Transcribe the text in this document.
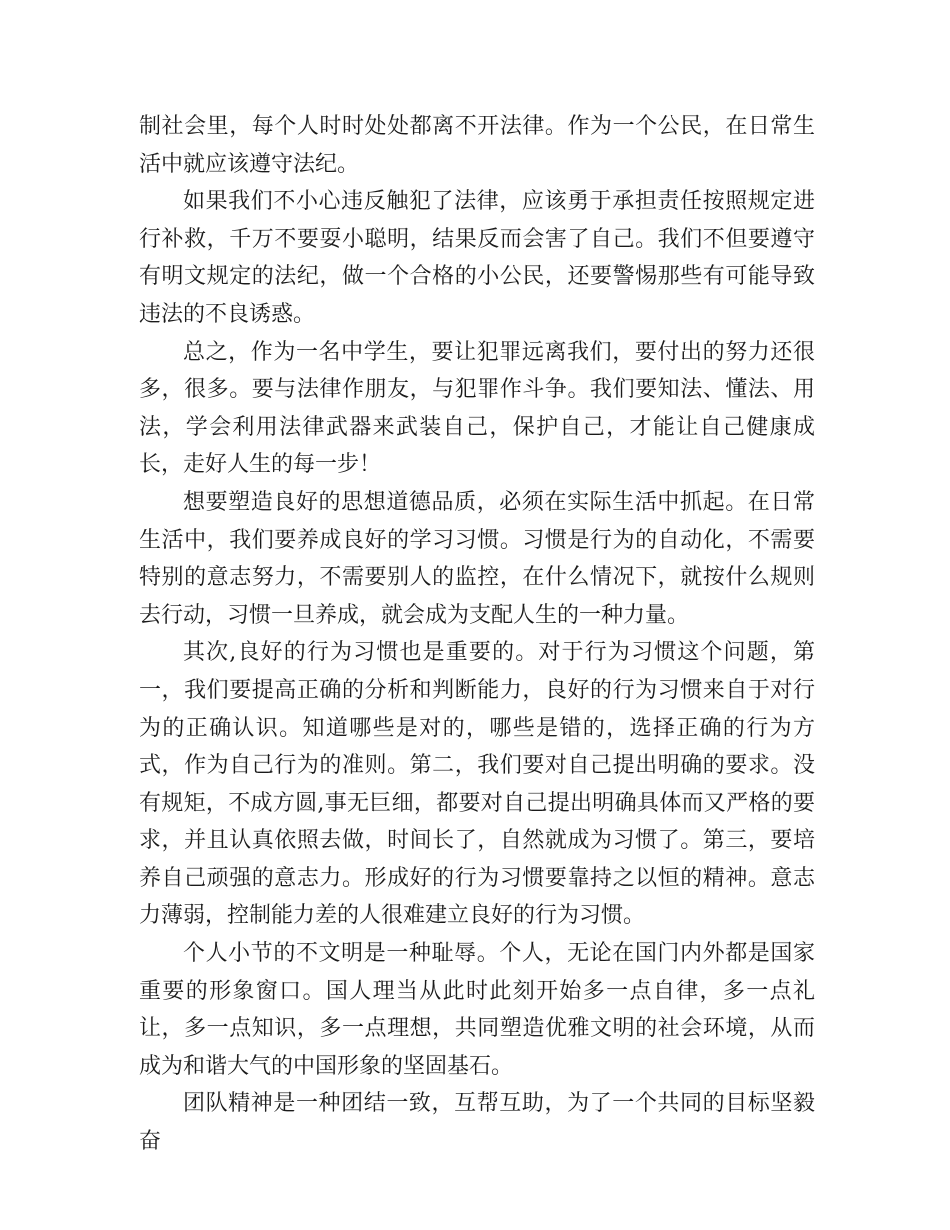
制社会里，每个人时时处处都离不开法律。作为一个公民，在日常生活中就应该遵守法纪。

如果我们不小心违反触犯了法律，应该勇于承担责任按照规定进行补救，千万不要耍小聪明，结果反而会害了自己。我们不但要遵守有明文规定的法纪，做一个合格的小公民，还要警惕那些有可能导致违法的不良诱惑。

总之，作为一名中学生，要让犯罪远离我们，要付出的努力还很多，很多。要与法律作朋友，与犯罪作斗争。我们要知法、懂法、用法，学会利用法律武器来武装自己，保护自己，才能让自己健康成长，走好人生的每一步！

想要塑造良好的思想道德品质，必须在实际生活中抓起。在日常生活中，我们要养成良好的学习习惯。习惯是行为的自动化，不需要特别的意志努力，不需要别人的监控，在什么情况下，就按什么规则去行动，习惯一旦养成，就会成为支配人生的一种力量。

其次,良好的行为习惯也是重要的。对于行为习惯这个问题，第一，我们要提高正确的分析和判断能力，良好的行为习惯来自于对行为的正确认识。知道哪些是对的，哪些是错的，选择正确的行为方式，作为自己行为的准则。第二，我们要对自己提出明确的要求。没有规矩，不成方圆,事无巨细，都要对自己提出明确具体而又严格的要求，并且认真依照去做，时间长了，自然就成为习惯了。第三，要培养自己顽强的意志力。形成好的行为习惯要靠持之以恒的精神。意志力薄弱，控制能力差的人很难建立良好的行为习惯。

个人小节的不文明是一种耻辱。个人，无论在国门内外都是国家重要的形象窗口。国人理当从此时此刻开始多一点自律，多一点礼让，多一点知识，多一点理想，共同塑造优雅文明的社会环境，从而成为和谐大气的中国形象的坚固基石。

团队精神是一种团结一致，互帮互助，为了一个共同的目标坚毅奋
